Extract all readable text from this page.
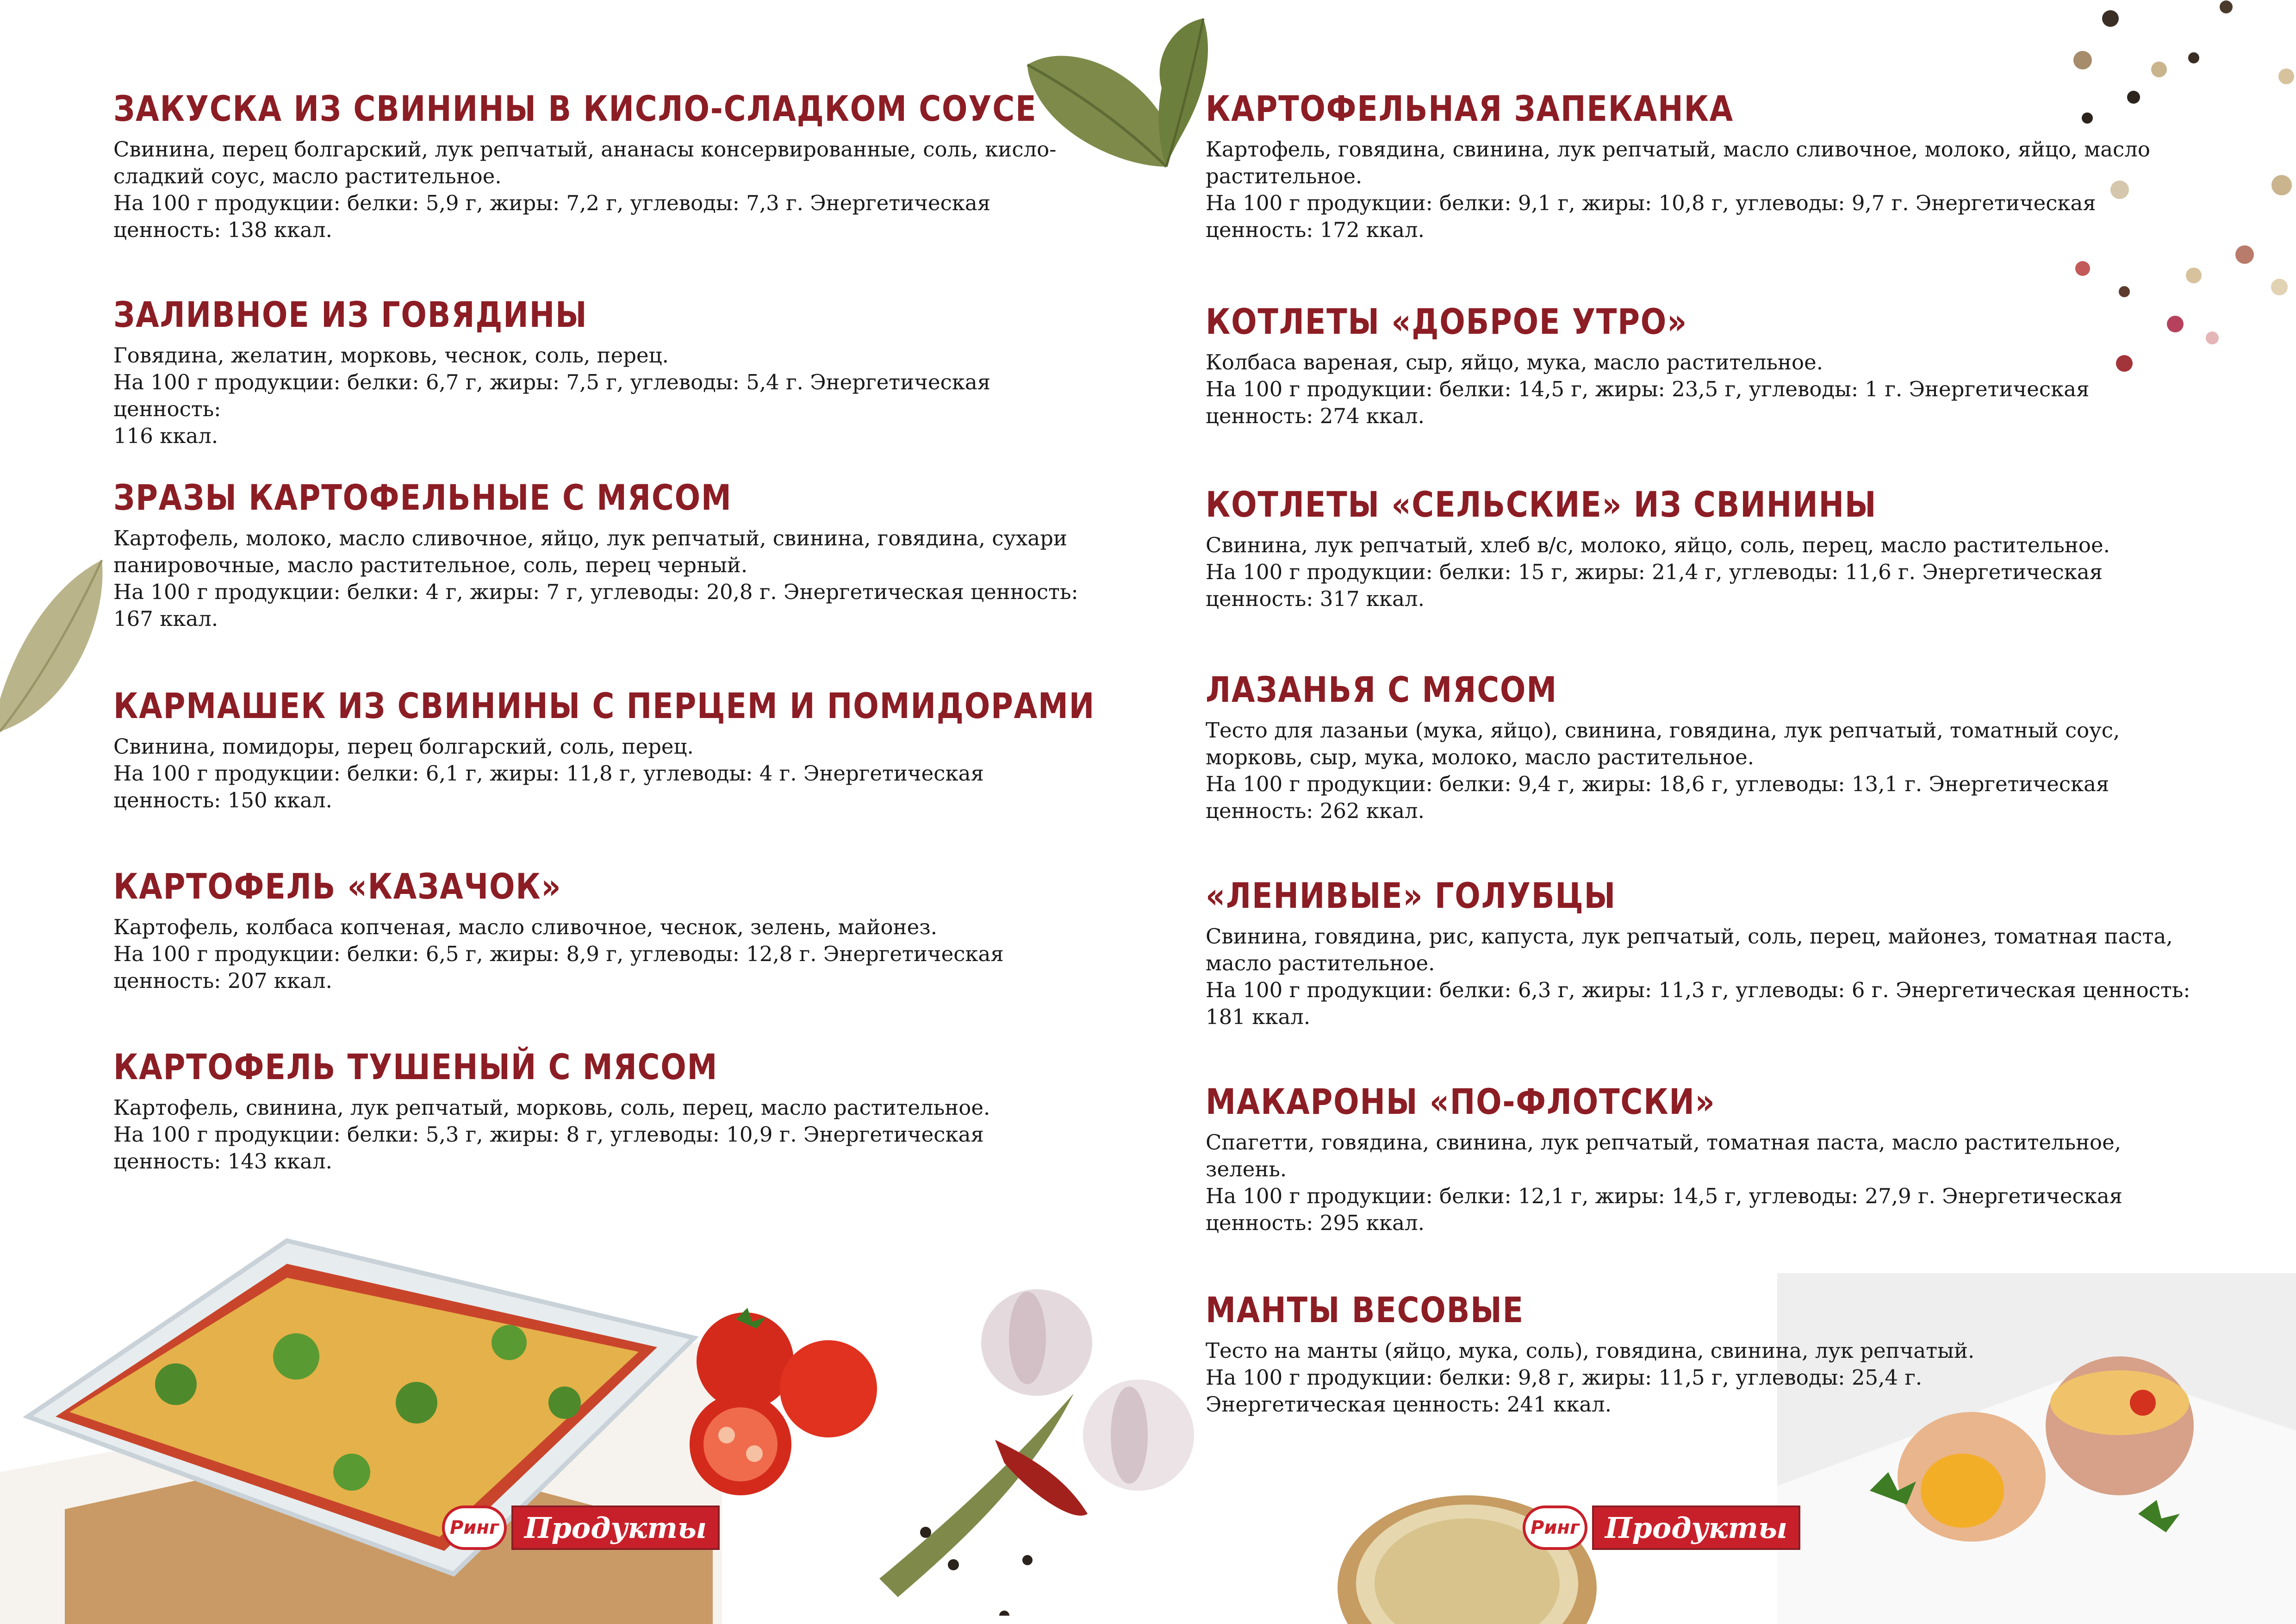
ЗАКУСКА ИЗ СВИНИНЫ В КИСЛО-СЛАДКОМ СОУСЕ

Свинина, перец болгарский, лук репчатый, ананасы консервированные, соль, кисло-
сладкий соус, масло растительное.
На 100 г продукции: белки: 5,9 г, жиры: 7,2 г, углеводы: 7,3 г. Энергетическая
ценность: 138 ккал.

ЗАЛИВНОЕ ИЗ ГОВЯДИНЫ

Говядина, желатин, морковь, чеснок, соль, перец.
На 100 г продукции: белки: 6,7 г, жиры: 7,5 г, углеводы: 5,4 г. Энергетическая ценность:
116 ккал.

ЗРАЗЫ КАРТОФЕЛЬНЫЕ С МЯСОМ

Картофель, молоко, масло сливочное, яйцо, лук репчатый, свинина, говядина, сухари
панировочные, масло растительное, соль, перец черный.
На 100 г продукции: белки: 4 г, жиры: 7 г, углеводы: 20,8 г. Энергетическая ценность:
167 ккал.

КАРМАШЕК ИЗ СВИНИНЫ С ПЕРЦЕМ И ПОМИДОРАМИ

Свинина, помидоры, перец болгарский, соль, перец.
На 100 г продукции: белки: 6,1 г, жиры: 11,8 г, углеводы: 4 г. Энергетическая
ценность: 150 ккал.

КАРТОФЕЛЬ «КАЗАЧОК»

Картофель, колбаса копченая, масло сливочное, чеснок, зелень, майонез.
На 100 г продукции: белки: 6,5 г, жиры: 8,9 г, углеводы: 12,8 г. Энергетическая
ценность: 207 ккал.

КАРТОФЕЛЬ ТУШЕНЫЙ С МЯСОМ

Картофель, свинина, лук репчатый, морковь, соль, перец, масло растительное.
На 100 г продукции: белки: 5,3 г, жиры: 8 г, углеводы: 10,9 г. Энергетическая
ценность: 143 ккал.

КАРТОФЕЛЬНАЯ ЗАПЕКАНКА

Картофель, говядина, свинина, лук репчатый, масло сливочное, молоко, яйцо, масло
растительное.
На 100 г продукции: белки: 9,1 г, жиры: 10,8 г, углеводы: 9,7 г. Энергетическая
ценность: 172 ккал.

КОТЛЕТЫ «ДОБРОЕ УТРО»

Колбаса вареная, сыр, яйцо, мука, масло растительное.
На 100 г продукции: белки: 14,5 г, жиры: 23,5 г, углеводы: 1 г. Энергетическая
ценность: 274 ккал.

КОТЛЕТЫ «СЕЛЬСКИЕ» ИЗ СВИНИНЫ

Свинина, лук репчатый, хлеб в/с, молоко, яйцо, соль, перец, масло растительное.
На 100 г продукции: белки: 15 г, жиры: 21,4 г, углеводы: 11,6 г. Энергетическая
ценность: 317 ккал.

ЛАЗАНЬЯ С МЯСОМ

Тесто для лазаньи (мука, яйцо), свинина, говядина, лук репчатый, томатный соус,
морковь, сыр, мука, молоко, масло растительное.
На 100 г продукции: белки: 9,4 г, жиры: 18,6 г, углеводы: 13,1 г. Энергетическая
ценность: 262 ккал.

«ЛЕНИВЫЕ» ГОЛУБЦЫ

Свинина, говядина, рис, капуста, лук репчатый, соль, перец, майонез, томатная паста,
масло растительное.
На 100 г продукции: белки: 6,3 г, жиры: 11,3 г, углеводы: 6 г. Энергетическая ценность:
181 ккал.

МАКАРОНЫ «ПО-ФЛОТСКИ»

Спагетти, говядина, свинина, лук репчатый, томатная паста, масло растительное,
зелень.
На 100 г продукции: белки: 12,1 г, жиры: 14,5 г, углеводы: 27,9 г. Энергетическая
ценность: 295 ккал.

МАНТЫ ВЕСОВЫЕ

Тесто на манты (яйцо, мука, соль), говядина, свинина, лук репчатый.
На 100 г продукции: белки: 9,8 г, жиры: 11,5 г, углеводы: 25,4 г.
Энергетическая ценность: 241 ккал.

Ринг Продукты	Ринг Продукты
